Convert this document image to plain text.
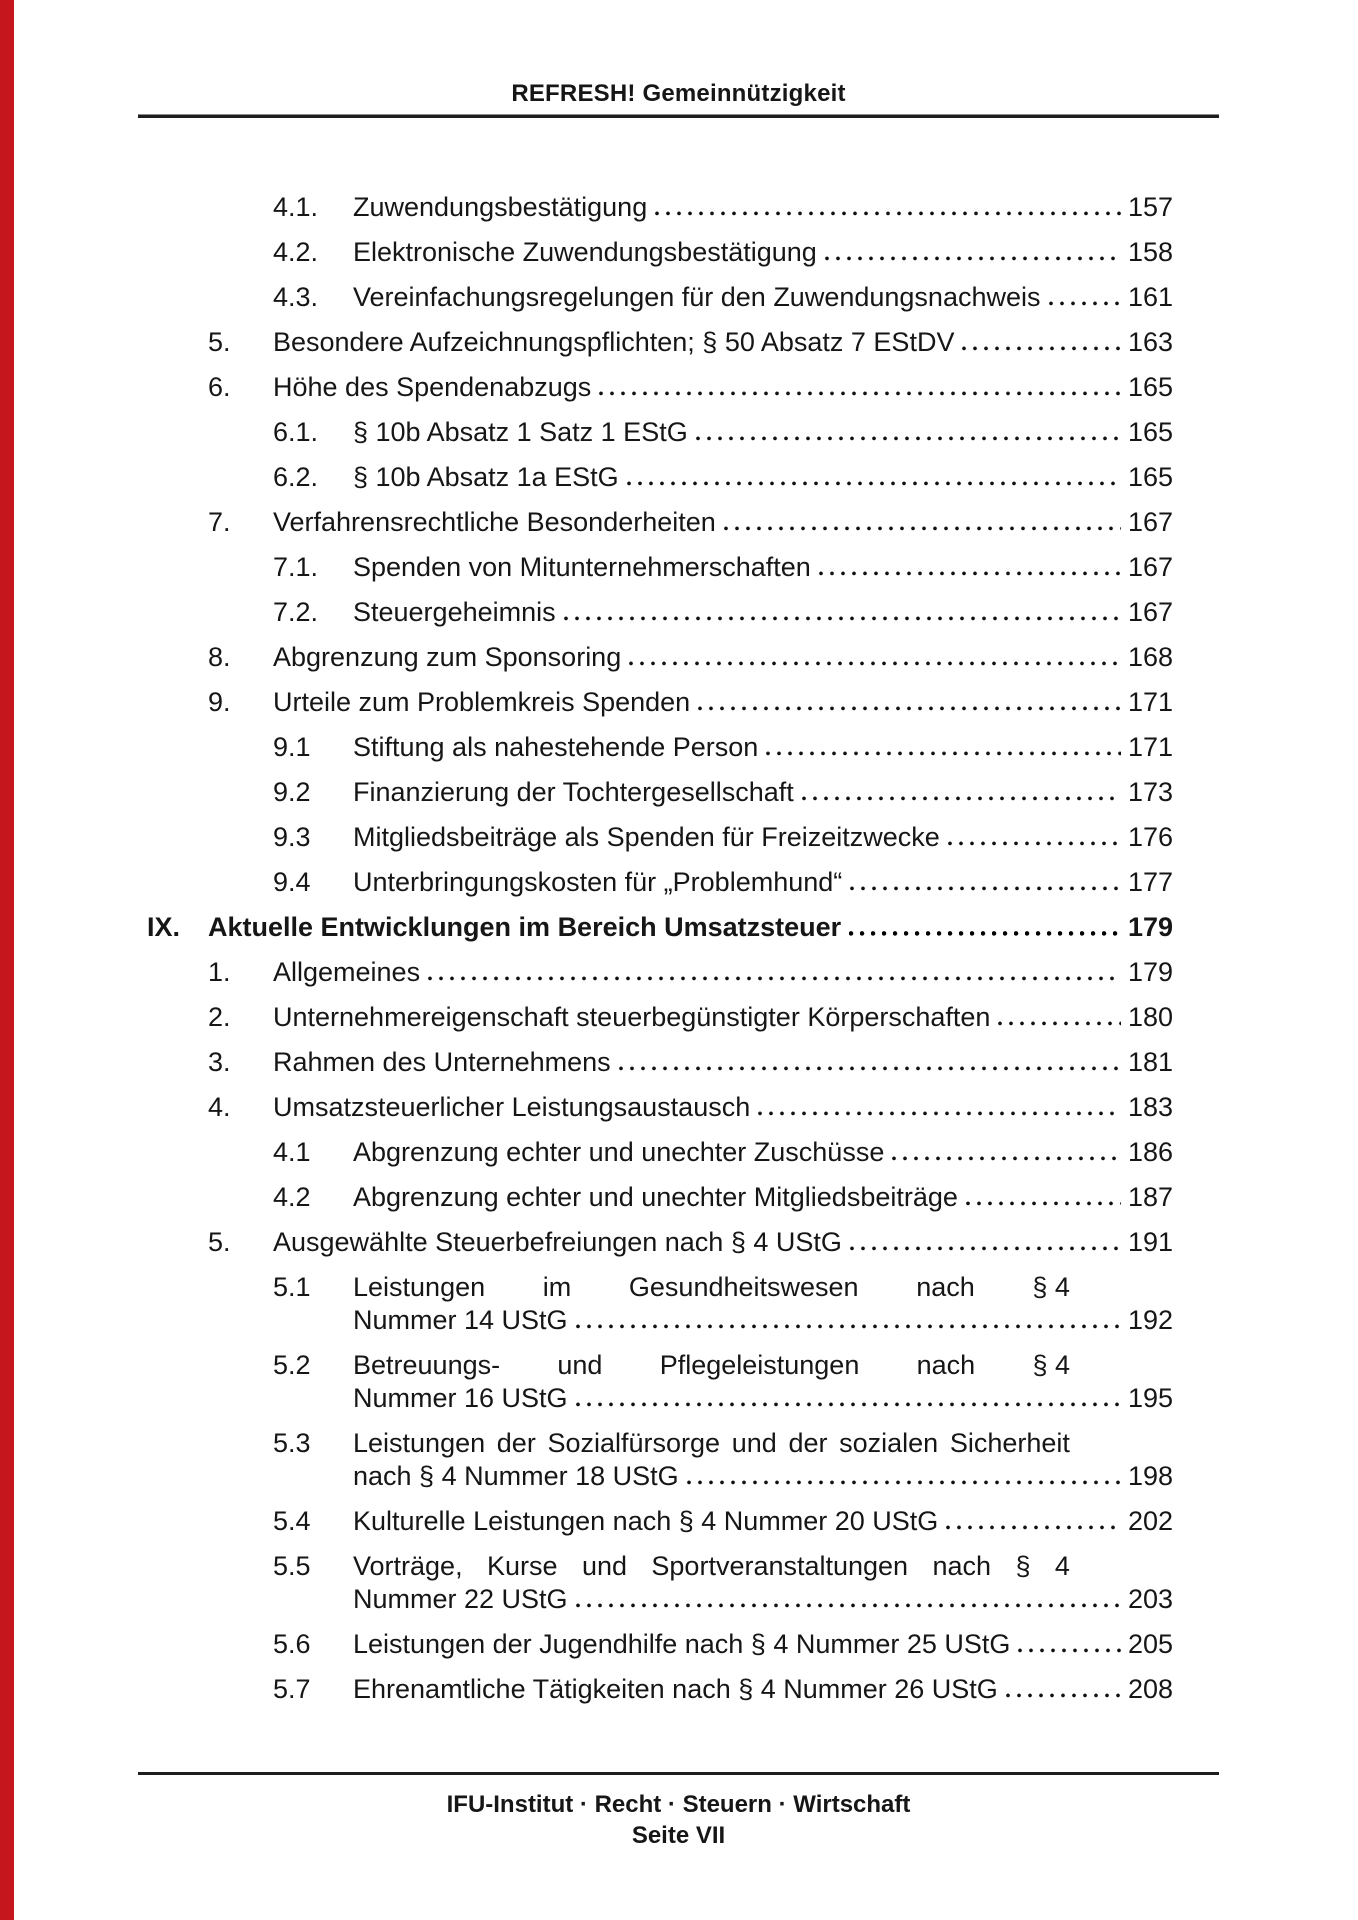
REFRESH! Gemeinnützigkeit
4.1.	Zuwendungsbestätigung	157
4.2.	Elektronische Zuwendungsbestätigung	158
4.3.	Vereinfachungsregelungen für den Zuwendungsnachweis	161
5.	Besondere Aufzeichnungspflichten; § 50 Absatz 7 EStDV	163
6.	Höhe des Spendenabzugs	165
6.1.	§ 10b Absatz 1 Satz 1 EStG	165
6.2.	§ 10b Absatz 1a EStG	165
7.	Verfahrensrechtliche Besonderheiten	167
7.1.	Spenden von Mitunternehmerschaften	167
7.2.	Steuergeheimnis	167
8.	Abgrenzung zum Sponsoring	168
9.	Urteile zum Problemkreis Spenden	171
9.1	Stiftung als nahestehende Person	171
9.2	Finanzierung der Tochtergesellschaft	173
9.3	Mitgliedsbeiträge als Spenden für Freizeitzwecke	176
9.4	Unterbringungskosten für „Problemhund“	177
IX.	Aktuelle Entwicklungen im Bereich Umsatzsteuer	179
1.	Allgemeines	179
2.	Unternehmereigenschaft steuerbegünstigter Körperschaften	180
3.	Rahmen des Unternehmens	181
4.	Umsatzsteuerlicher Leistungsaustausch	183
4.1	Abgrenzung echter und unechter Zuschüsse	186
4.2	Abgrenzung echter und unechter Mitgliedsbeiträge	187
5.	Ausgewählte Steuerbefreiungen nach § 4 UStG	191
5.1	Leistungen im Gesundheitswesen nach § 4
Nummer 14 UStG	192
5.2	Betreuungs- und Pflegeleistungen nach § 4
Nummer 16 UStG	195
5.3	Leistungen der Sozialfürsorge und der sozialen Sicherheit
nach § 4 Nummer 18 UStG	198
5.4	Kulturelle Leistungen nach § 4 Nummer 20 UStG	202
5.5	Vorträge, Kurse und Sportveranstaltungen nach § 4
Nummer 22 UStG	203
5.6	Leistungen der Jugendhilfe nach § 4 Nummer 25 UStG	205
5.7	Ehrenamtliche Tätigkeiten nach § 4 Nummer 26 UStG	208
IFU-Institut · Recht · Steuern · Wirtschaft
Seite VII
